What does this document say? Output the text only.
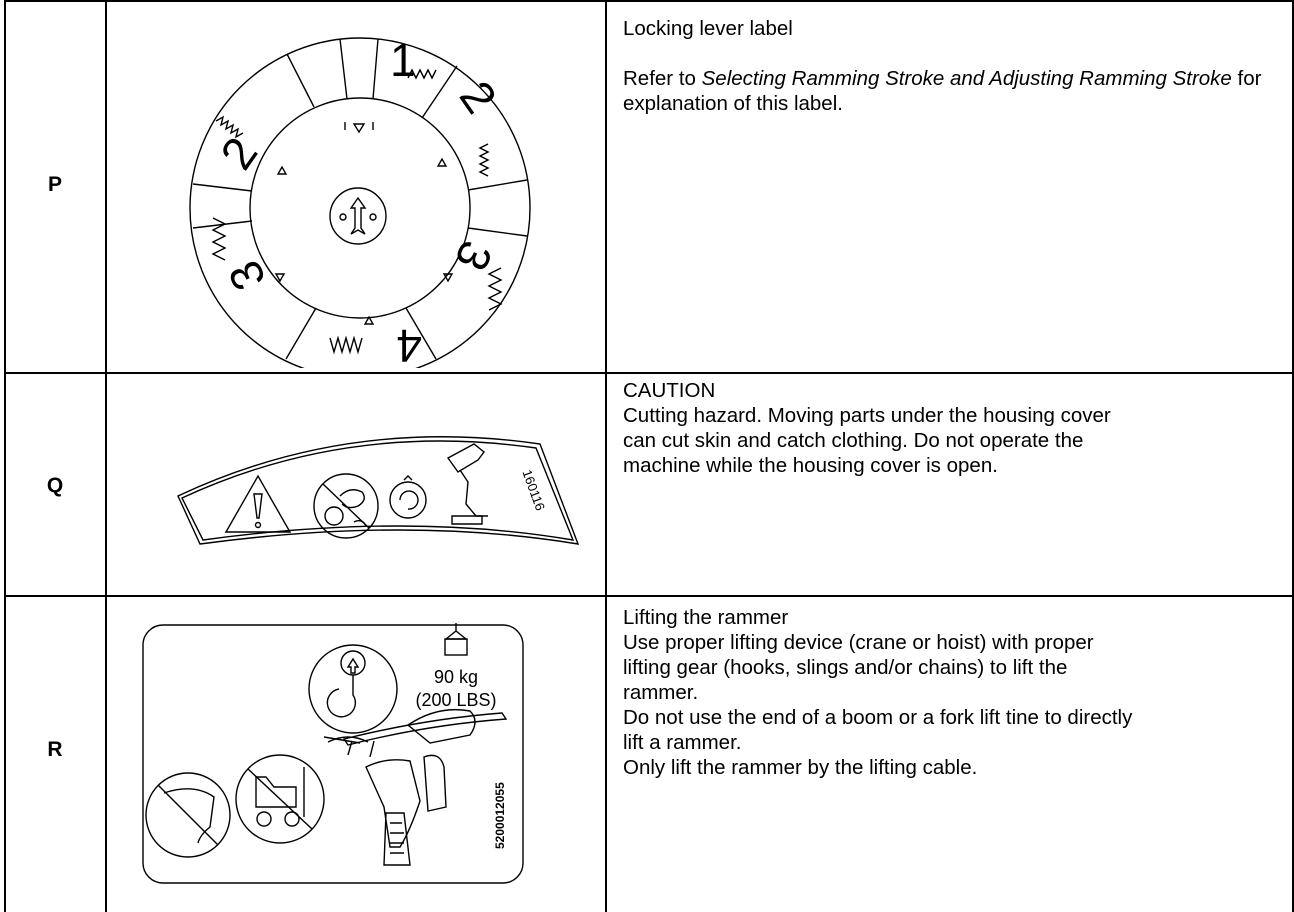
P
1
2
2
3	3
4

Locking lever label

Refer to Selecting Ramming Stroke and Adjusting Ramming Stroke for explanation of this label.

Q	160116

CAUTION

Cutting hazard. Moving parts under the housing cover

can cut skin and catch clothing. Do not operate the

machine while the housing cover is open.

R
90 kg
(200 LBS)
5200012055

Lifting the rammer

Use proper lifting device (crane or hoist) with proper

lifting gear (hooks, slings and/or chains) to lift the

rammer.

Do not use the end of a boom or a fork lift tine to directly

lift a rammer.

Only lift the rammer by the lifting cable.
